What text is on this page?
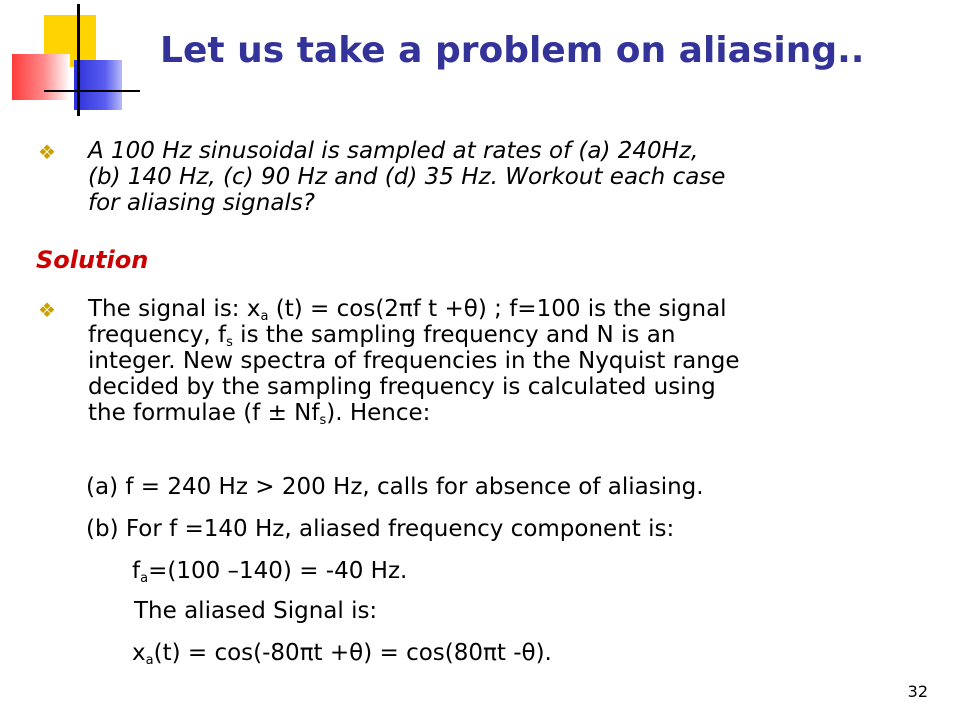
Let us take a problem on aliasing..
❖ A 100 Hz sinusoidal is sampled at rates of (a) 240Hz,
(b) 140 Hz, (c) 90 Hz and (d) 35 Hz. Workout each case
for aliasing signals?
Solution
❖ The signal is: $x_a$ (t) = cos(2πf t +θ) ; f=100 is the signal
frequency, $f_s$ is the sampling frequency and N is an
integer. New spectra of frequencies in the Nyquist range
decided by the sampling frequency is calculated using
the formulae $(f \pm Nf_s)$. Hence:
(a) f = 240 Hz > 200 Hz, calls for absence of aliasing.
(b) For f =140 Hz, aliased frequency component is:
$f_a=(100$ –140) = -40 Hz.
The aliased Signal is:
$x_a(t) = \cos(-80\pi t +\theta) = \cos(80\pi t$ -θ).
32
